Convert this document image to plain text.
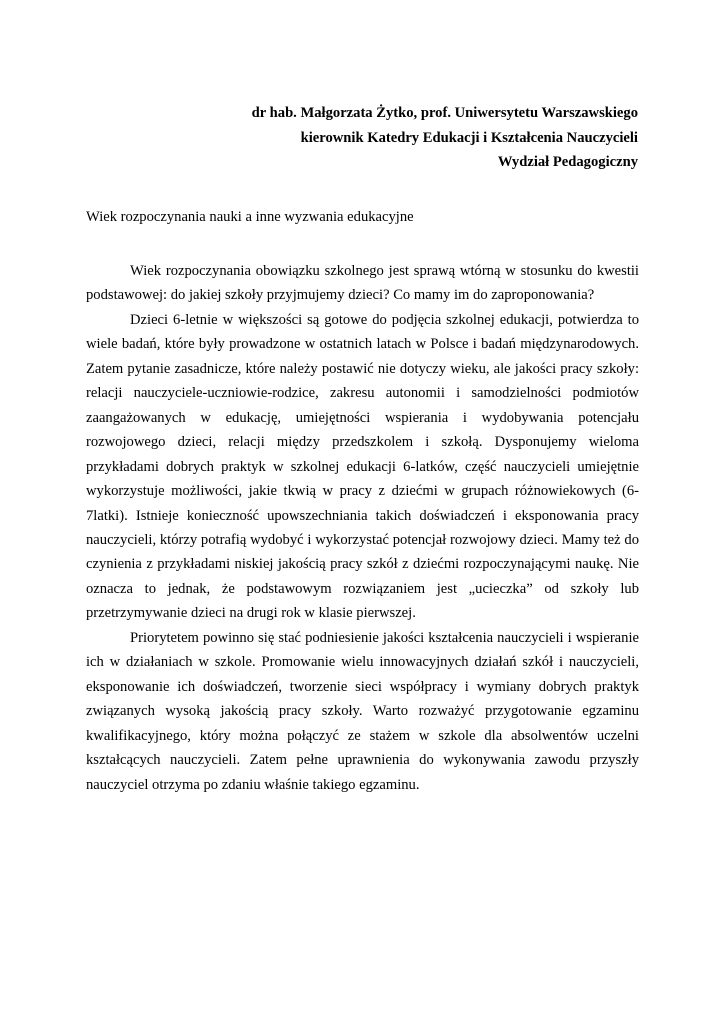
dr hab. Małgorzata Żytko, prof. Uniwersytetu Warszawskiego
kierownik Katedry Edukacji i Kształcenia Nauczycieli
Wydział Pedagogiczny
Wiek rozpoczynania nauki a inne wyzwania edukacyjne

Wiek rozpoczynania obowiązku szkolnego jest sprawą wtórną w stosunku do kwestii podstawowej: do jakiej szkoły przyjmujemy dzieci? Co mamy im do zaproponowania?

Dzieci 6-letnie w większości są gotowe do podjęcia szkolnej edukacji, potwierdza to wiele badań, które były prowadzone w ostatnich latach w Polsce i badań międzynarodowych. Zatem pytanie zasadnicze, które należy postawić nie dotyczy wieku, ale jakości pracy szkoły: relacji nauczyciele-uczniowie-rodzice, zakresu autonomii i samodzielności podmiotów zaangażowanych w edukację, umiejętności wspierania i wydobywania potencjału rozwojowego dzieci, relacji między przedszkolem i szkołą. Dysponujemy wieloma przykładami dobrych praktyk w szkolnej edukacji 6-latków, część nauczycieli umiejętnie wykorzystuje możliwości, jakie tkwią w pracy z dziećmi w grupach różnowiekowych (6-7latki). Istnieje konieczność upowszechniania takich doświadczeń i eksponowania pracy nauczycieli, którzy potrafią wydobyć i wykorzystać potencjał rozwojowy dzieci. Mamy też do czynienia z przykładami niskiej jakością pracy szkół z dziećmi rozpoczynającymi naukę. Nie oznacza to jednak, że podstawowym rozwiązaniem jest „ucieczka” od szkoły lub przetrzymywanie dzieci na drugi rok w klasie pierwszej.

Priorytetem powinno się stać podniesienie jakości kształcenia nauczycieli i wspieranie ich w działaniach w szkole. Promowanie wielu innowacyjnych działań szkół i nauczycieli, eksponowanie ich doświadczeń, tworzenie sieci współpracy i wymiany dobrych praktyk związanych wysoką jakością pracy szkoły. Warto rozważyć przygotowanie egzaminu kwalifikacyjnego, który można połączyć ze stażem w szkole dla absolwentów uczelni kształcących nauczycieli. Zatem pełne uprawnienia do wykonywania zawodu przyszły nauczyciel otrzyma po zdaniu właśnie takiego egzaminu.
